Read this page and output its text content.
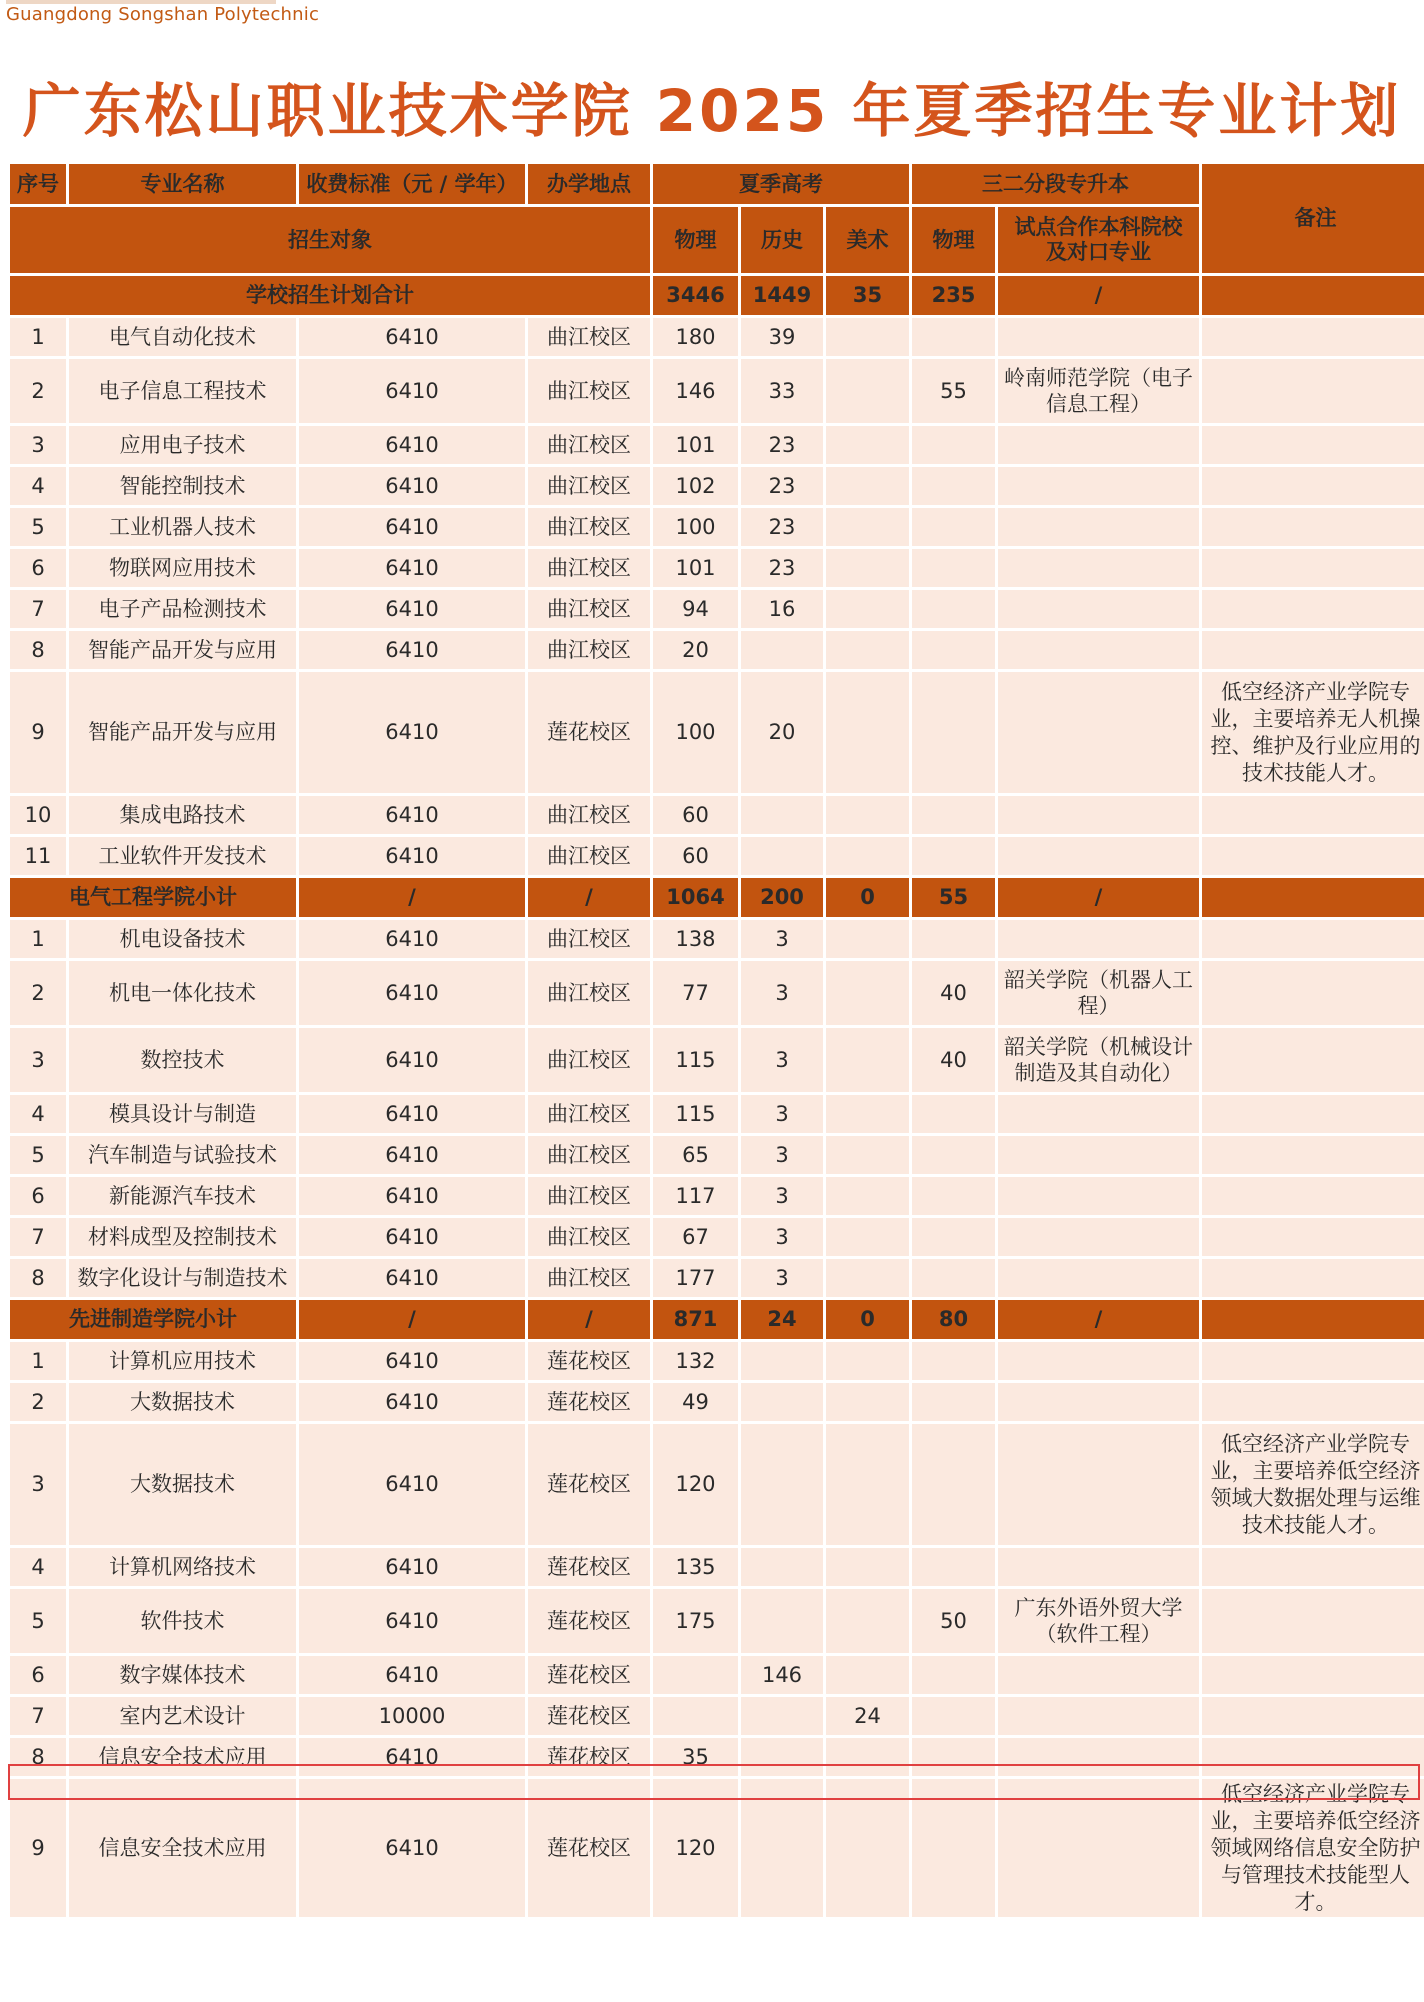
Guangdong Songshan Polytechnic
广东松山职业技术学院 2025 年夏季招生专业计划
序号	专业名称	收费标准（元 / 学年）	办学地点	夏季高考			三二分段专升本		备注
招生对象				物理	历史	美术	物理	试点合作本科院校及对口专业	
学校招生计划合计				3446	1449	35	235	/	
1	电气自动化技术	6410	曲江校区	180	39				
2	电子信息工程技术	6410	曲江校区	146	33		55	岭南师范学院（电子信息工程）	
3	应用电子技术	6410	曲江校区	101	23				
4	智能控制技术	6410	曲江校区	102	23				
5	工业机器人技术	6410	曲江校区	100	23				
6	物联网应用技术	6410	曲江校区	101	23				
7	电子产品检测技术	6410	曲江校区	94	16				
8	智能产品开发与应用	6410	曲江校区	20					
9	智能产品开发与应用	6410	莲花校区	100	20				低空经济产业学院专业，主要培养无人机操控、维护及行业应用的技术技能人才。
10	集成电路技术	6410	曲江校区	60					
11	工业软件开发技术	6410	曲江校区	60					
电气工程学院小计		/	/	1064	200	0	55	/	
1	机电设备技术	6410	曲江校区	138	3				
2	机电一体化技术	6410	曲江校区	77	3		40	韶关学院（机器人工程）	
3	数控技术	6410	曲江校区	115	3		40	韶关学院（机械设计制造及其自动化）	
4	模具设计与制造	6410	曲江校区	115	3				
5	汽车制造与试验技术	6410	曲江校区	65	3				
6	新能源汽车技术	6410	曲江校区	117	3				
7	材料成型及控制技术	6410	曲江校区	67	3				
8	数字化设计与制造技术	6410	曲江校区	177	3				
先进制造学院小计		/	/	871	24	0	80	/	
1	计算机应用技术	6410	莲花校区	132					
2	大数据技术	6410	莲花校区	49					
3	大数据技术	6410	莲花校区	120					低空经济产业学院专业，主要培养低空经济领域大数据处理与运维技术技能人才。
4	计算机网络技术	6410	莲花校区	135					
5	软件技术	6410	莲花校区	175			50	广东外语外贸大学（软件工程）	
6	数字媒体技术	6410	莲花校区		146				
7	室内艺术设计	10000	莲花校区			24			
8	信息安全技术应用	6410	莲花校区	35					
9	信息安全技术应用	6410	莲花校区	120					低空经济产业学院专业，主要培养低空经济领域网络信息安全防护与管理技术技能型人才。
